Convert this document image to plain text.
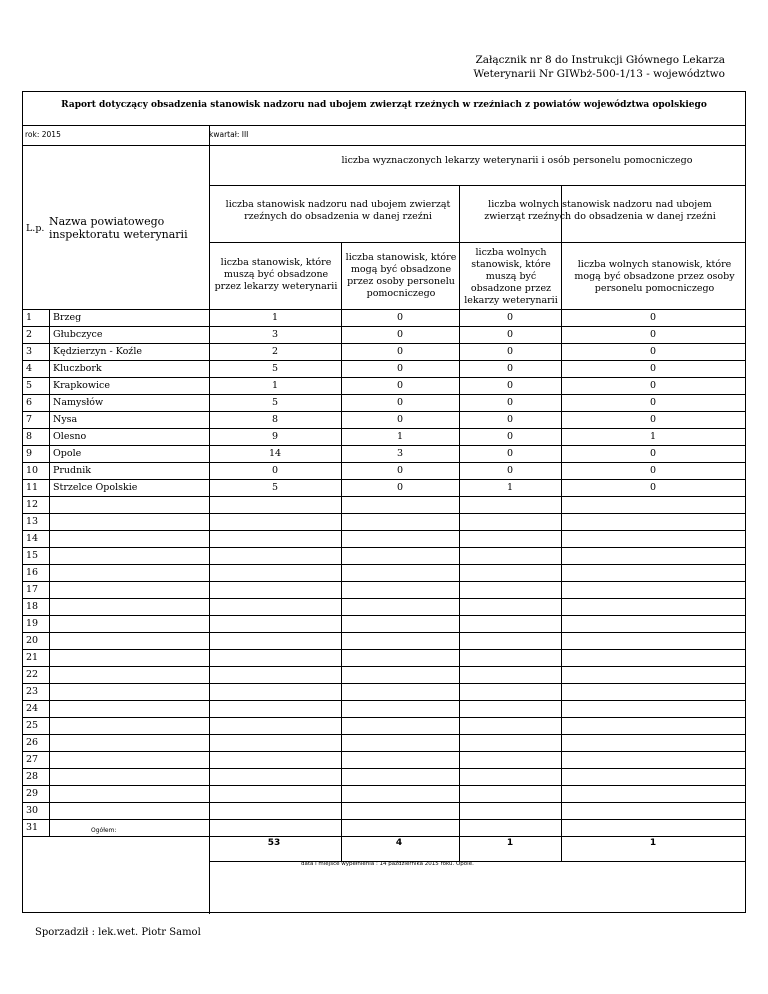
Załącznik nr 8 do Instrukcji Głównego Lekarza
Weterynarii Nr GIWbż-500-1/13 - województwo
Raport dotyczący obsadzenia stanowisk nadzoru nad ubojem zwierząt rzeźnych w rzeźniach z powiatów województwa opolskiego
rok: 2015	kwartał: III
liczba wyznaczonych lekarzy weterynarii i osób personelu pomocniczego
L.p.
Nazwa powiatowego inspektoratu weterynarii
liczba stanowisk nadzoru nad ubojem zwierząt rzeźnych do obsadzenia w danej rzeźni
liczba wolnych stanowisk nadzoru nad ubojem zwierząt rzeźnych do obsadzenia w danej rzeźni
liczba stanowisk, które muszą być obsadzone przez lekarzy weterynarii
liczba stanowisk, które mogą być obsadzone przez osoby personelu pomocniczego
liczba wolnych stanowisk, które muszą być obsadzone przez lekarzy weterynarii
liczba wolnych stanowisk, które mogą być obsadzone przez osoby personelu pomocniczego
1 Brzeg	1	0	0	0
2 Głubczyce	3	0	0	0
3 Kędzierzyn - Koźle	2	0	0	0
4 Kluczbork	5	0	0	0
5 Krapkowice	1	0	0	0
6 Namysłów	5	0	0	0
7 Nysa	8	0	0	0
8 Olesno	9	1	0	1
9 Opole	14	3	0	0
10 Prudnik	0	0	0	0
11 Strzelce Opolskie	5	0	1	0
12
13
14
15
16
17
18
19
20
21
22
23
24
25
26
27
28
29
30
31	Ogółem:
53	4	1	1
data i miejsce wypełnienia : 14 października 2015 roku. Opole.
Sporzadził : lek.wet. Piotr Samol
